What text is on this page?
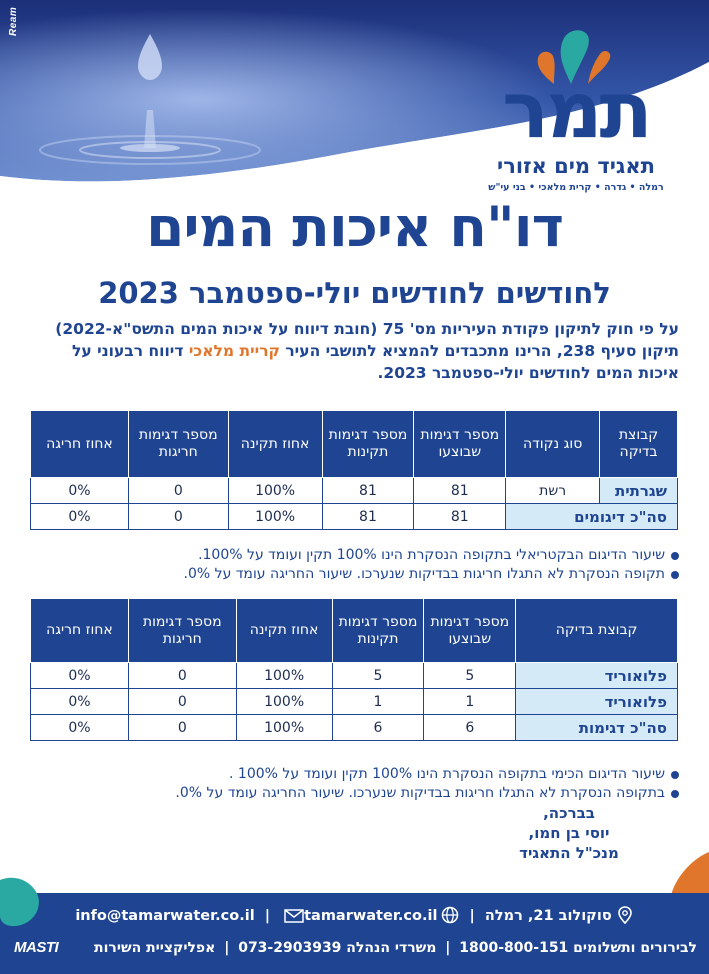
Ream
תמר
תאגיד מים אזורי
רמלה • גדרה • קרית מלאכי • בני עי"ש
דו"ח איכות המים
לחודשים לחודשים יולי-ספטמבר 2023
על פי חוק לתיקון פקודת העיריות מס' 75 (חובת דיווח על איכות המים התשס"א-2022) תיקון סעיף 238, הרינו מתכבדים להמציא לתושבי העיר קריית מלאכי דיווח רבעוני על איכות המים לחודשים יולי-ספטמבר 2023.
קבוצת בדיקה	סוג נקודה	מספר דגימות שבוצעו	מספר דגימות תקינות	אחוז תקינה	מספר דגימות חריגות	אחוז חריגה
שגרתית	רשת	81	81	100%	0	0%
סה"כ דיגומים		81	81	100%	0	0%
שיעור הדיגום הבקטריאלי בתקופה הנסקרת הינו 100% תקין ועומד על 100%.
תקופה הנסקרת לא התגלו חריגות בבדיקות שנערכו. שיעור החריגה עומד על 0%.
קבוצת בדיקה	מספר דגימות שבוצעו	מספר דגימות תקינות	אחוז תקינה	מספר דגימות חריגות	אחוז חריגה
פלואוריד	5	5	100%	0	0%
פלואוריד	1	1	100%	0	0%
סה"כ דגימות	6	6	100%	0	0%
שיעור הדיגום הכימי בתקופה הנסקרת הינו 100% תקין ועומד על 100% .
בתקופה הנסקרת לא התגלו חריגות בבדיקות שנערכו. שיעור החריגה עומד על 0%.
בברכה,
יוסי בן חמו,
מנכ"ל התאגיד
סוקולוב 21, רמלה | info@tamarwater.co.il | tamarwater.co.il
לבירורים ותשלומים 1800-800-151 | משרדי הנהלה 073-2903939 | אפליקציית השירות
MASTI
